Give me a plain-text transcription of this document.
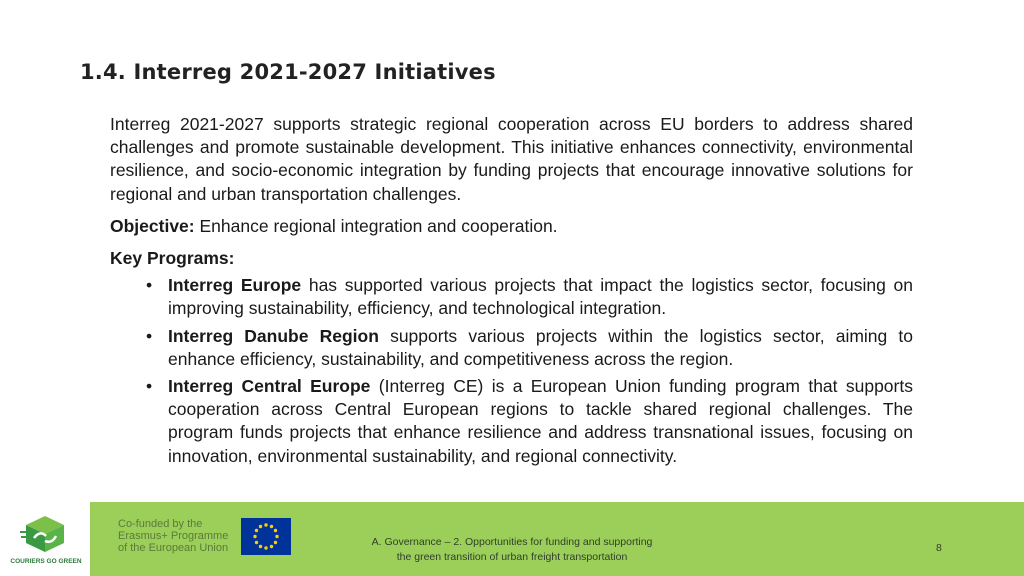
1.4. Interreg 2021-2027 Initiatives

Interreg 2021-2027 supports strategic regional cooperation across EU borders to address shared challenges and promote sustainable development. This initiative enhances connectivity, environmental resilience, and socio-economic integration by funding projects that encourage innovative solutions for regional and urban transportation challenges.

Objective: Enhance regional integration and cooperation.

Key Programs:

• Interreg Europe has supported various projects that impact the logistics sector, focusing on improving sustainability, efficiency, and technological integration.
• Interreg Danube Region supports various projects within the logistics sector, aiming to enhance efficiency, sustainability, and competitiveness across the region.
• Interreg Central Europe (Interreg CE) is a European Union funding program that supports cooperation across Central European regions to tackle shared regional challenges. The program funds projects that enhance resilience and address transnational issues, focusing on innovation, environmental sustainability, and regional connectivity.
COURIERS GO GREEN
Co-funded by the
Erasmus+ Programme
of the European Union	A. Governance – 2. Opportunities for funding and supporting
the green transition of urban freight transportation
8
